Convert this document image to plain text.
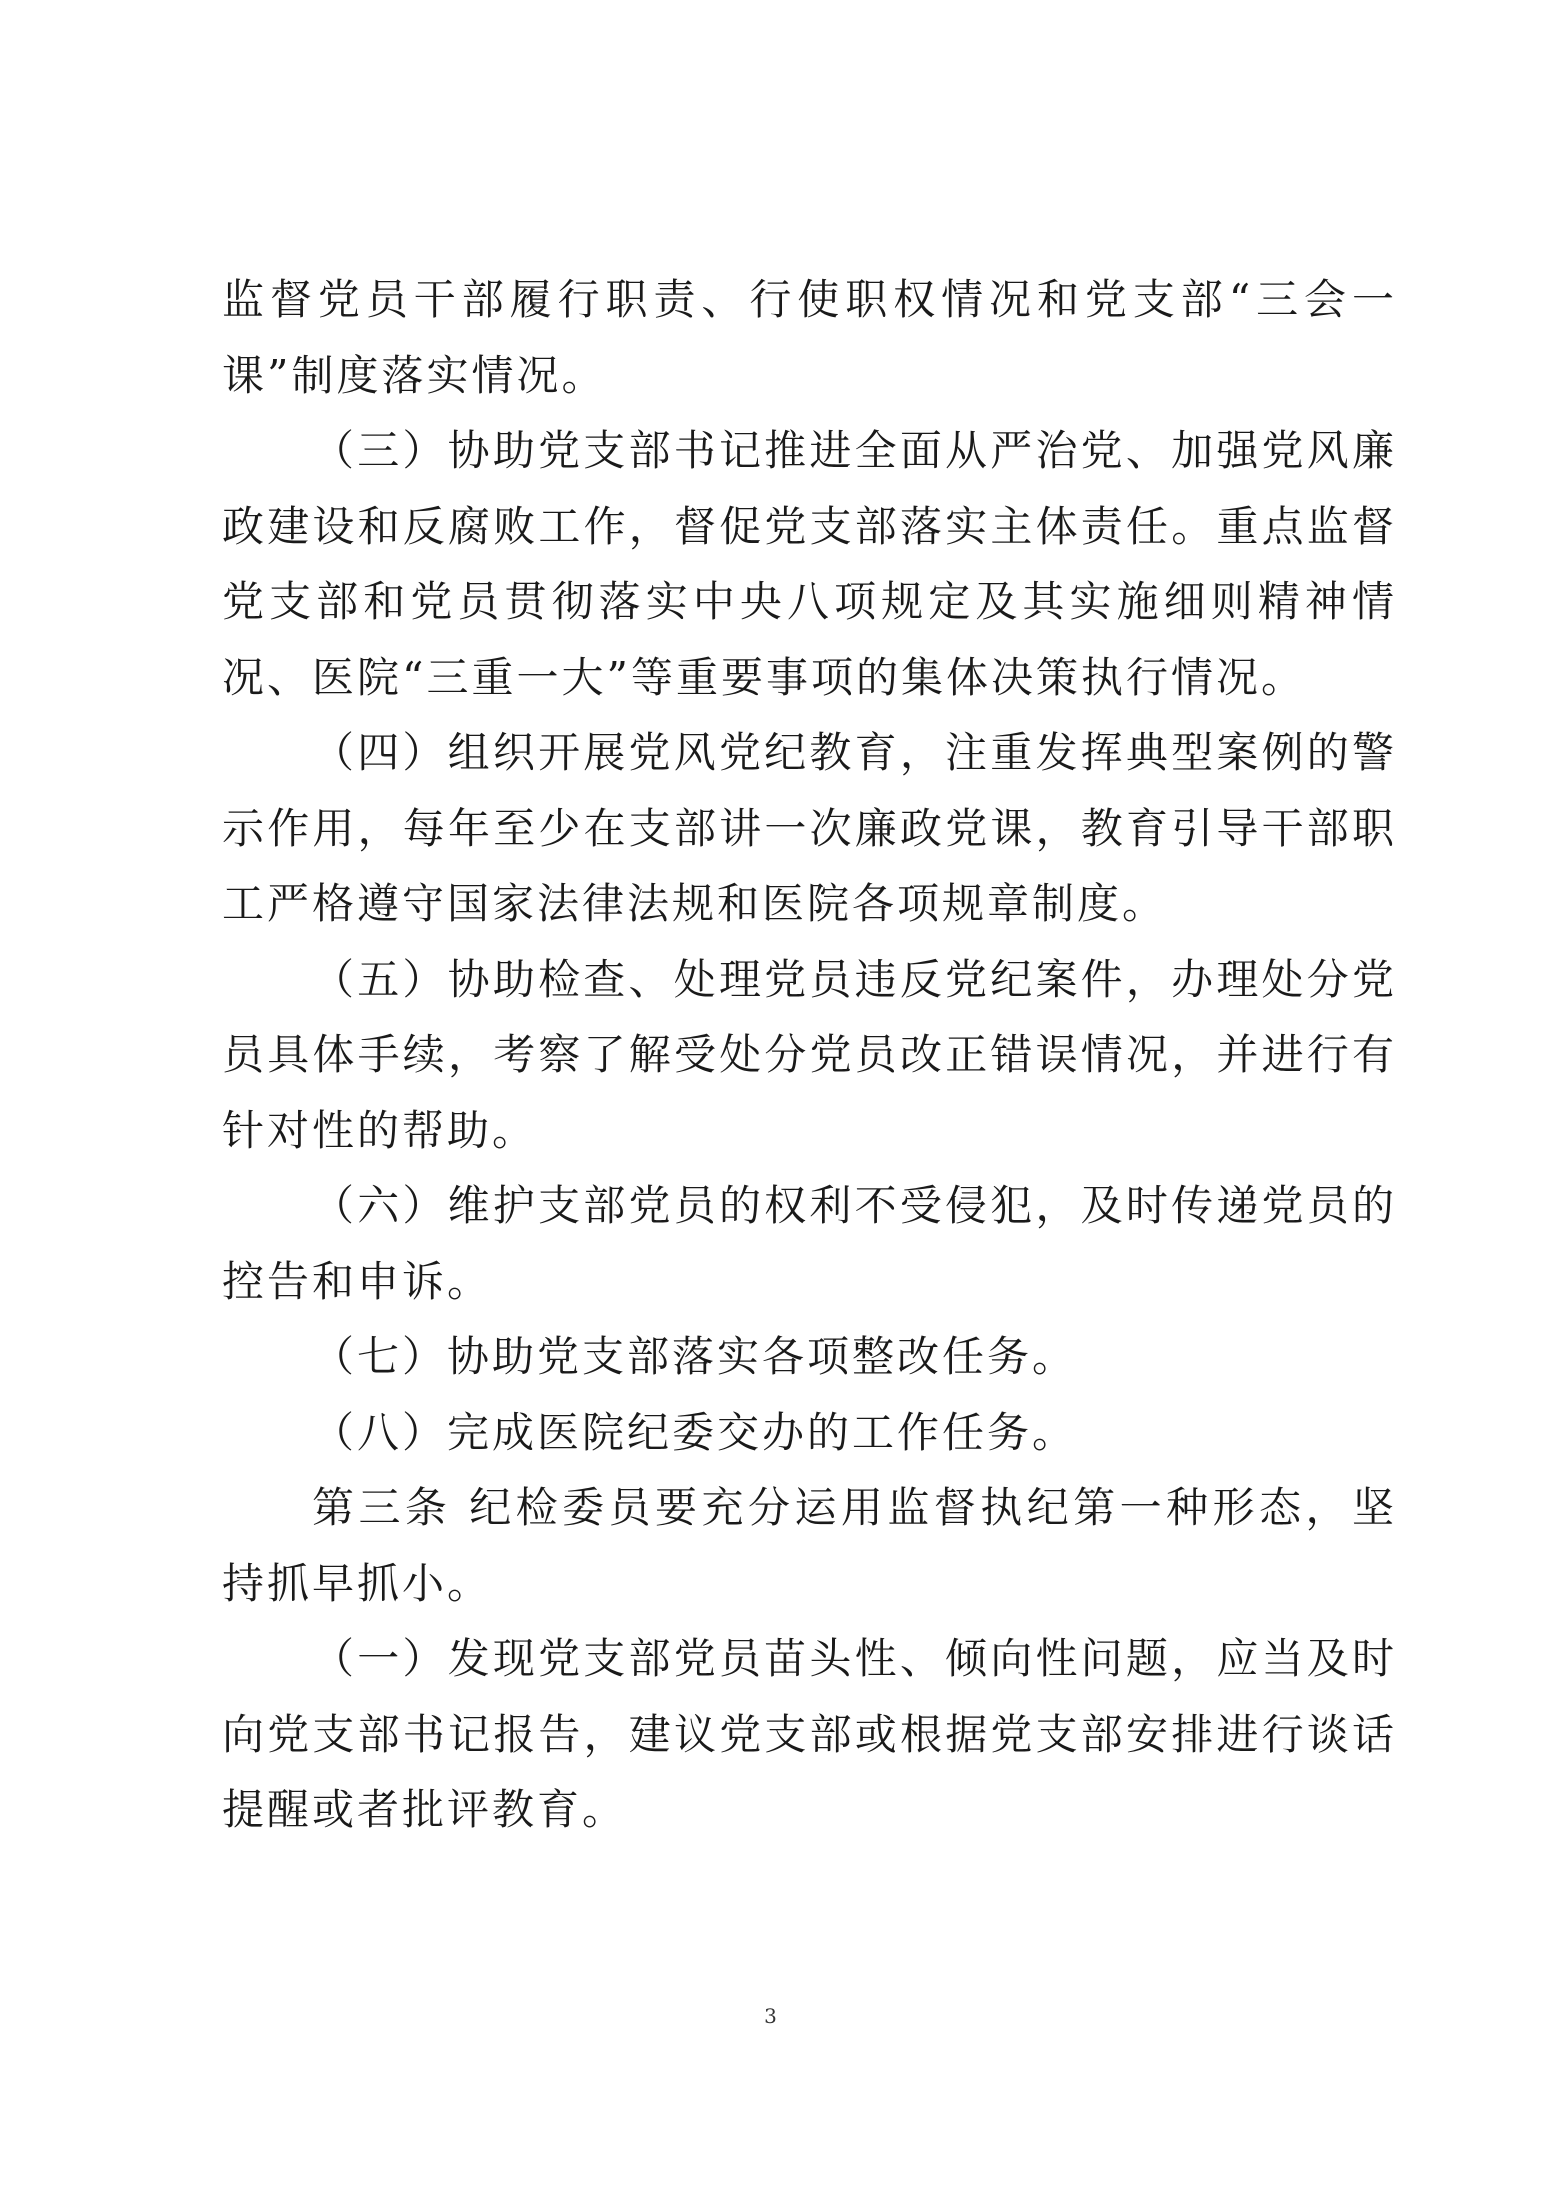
监督党员干部履行职责、行使职权情况和党支部“三会一课”制度落实情况。

（三）协助党支部书记推进全面从严治党、加强党风廉政建设和反腐败工作，督促党支部落实主体责任。重点监督党支部和党员贯彻落实中央八项规定及其实施细则精神情况、医院“三重一大”等重要事项的集体决策执行情况。

（四）组织开展党风党纪教育，注重发挥典型案例的警示作用，每年至少在支部讲一次廉政党课，教育引导干部职工严格遵守国家法律法规和医院各项规章制度。

（五）协助检查、处理党员违反党纪案件，办理处分党员具体手续，考察了解受处分党员改正错误情况，并进行有针对性的帮助。

（六）维护支部党员的权利不受侵犯，及时传递党员的控告和申诉。

（七）协助党支部落实各项整改任务。

（八）完成医院纪委交办的工作任务。

第三条 纪检委员要充分运用监督执纪第一种形态，坚持抓早抓小。

（一）发现党支部党员苗头性、倾向性问题，应当及时向党支部书记报告，建议党支部或根据党支部安排进行谈话提醒或者批评教育。

3
